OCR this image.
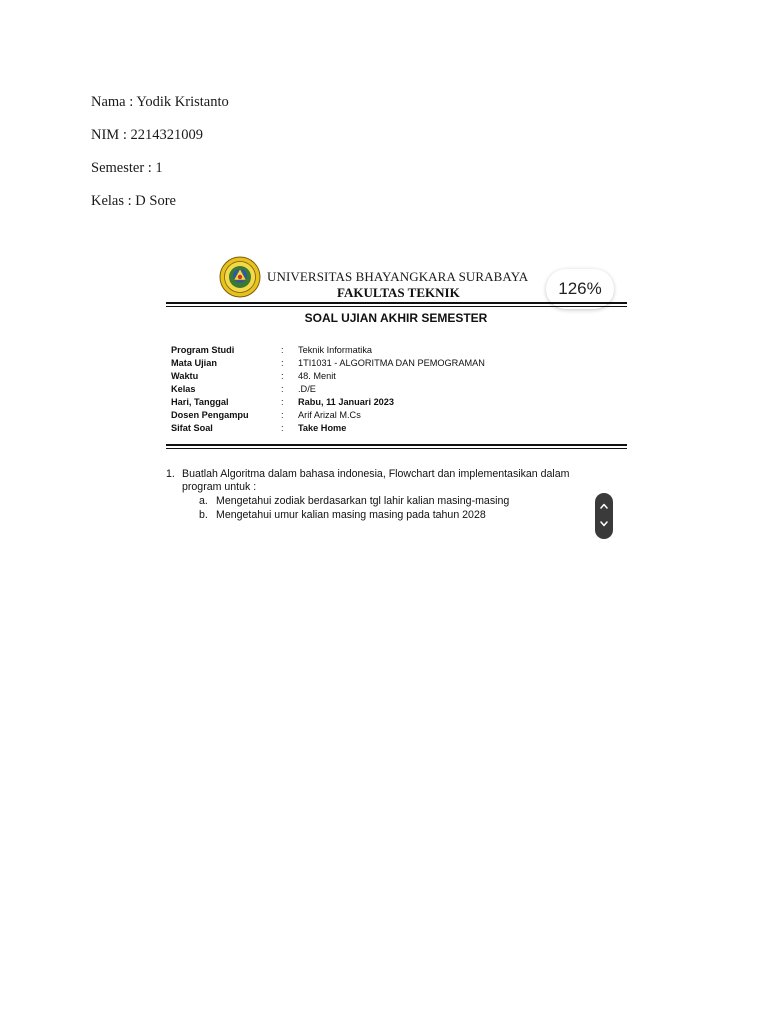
Nama : Yodik Kristanto
NIM : 2214321009
Semester : 1
Kelas : D Sore
UNIVERSITAS BHAYANGKARA SURABAYA
FAKULTAS TEKNIK	126%
SOAL UJIAN AKHIR SEMESTER
Program Studi	: Teknik Informatika
Mata Ujian	: 1TI1031 - ALGORITMA DAN PEMOGRAMAN
Waktu	: 48. Menit
Kelas	: .D/E
Hari, Tanggal	: Rabu, 11 Januari 2023
Dosen Pengampu	: Arif Arizal M.Cs
Sifat Soal	: Take Home
1. Buatlah Algoritma dalam bahasa indonesia, Flowchart dan implementasikan dalam
program untuk :
a. Mengetahui zodiak berdasarkan tgl lahir kalian masing-masing
b. Mengetahui umur kalian masing masing pada tahun 2028
